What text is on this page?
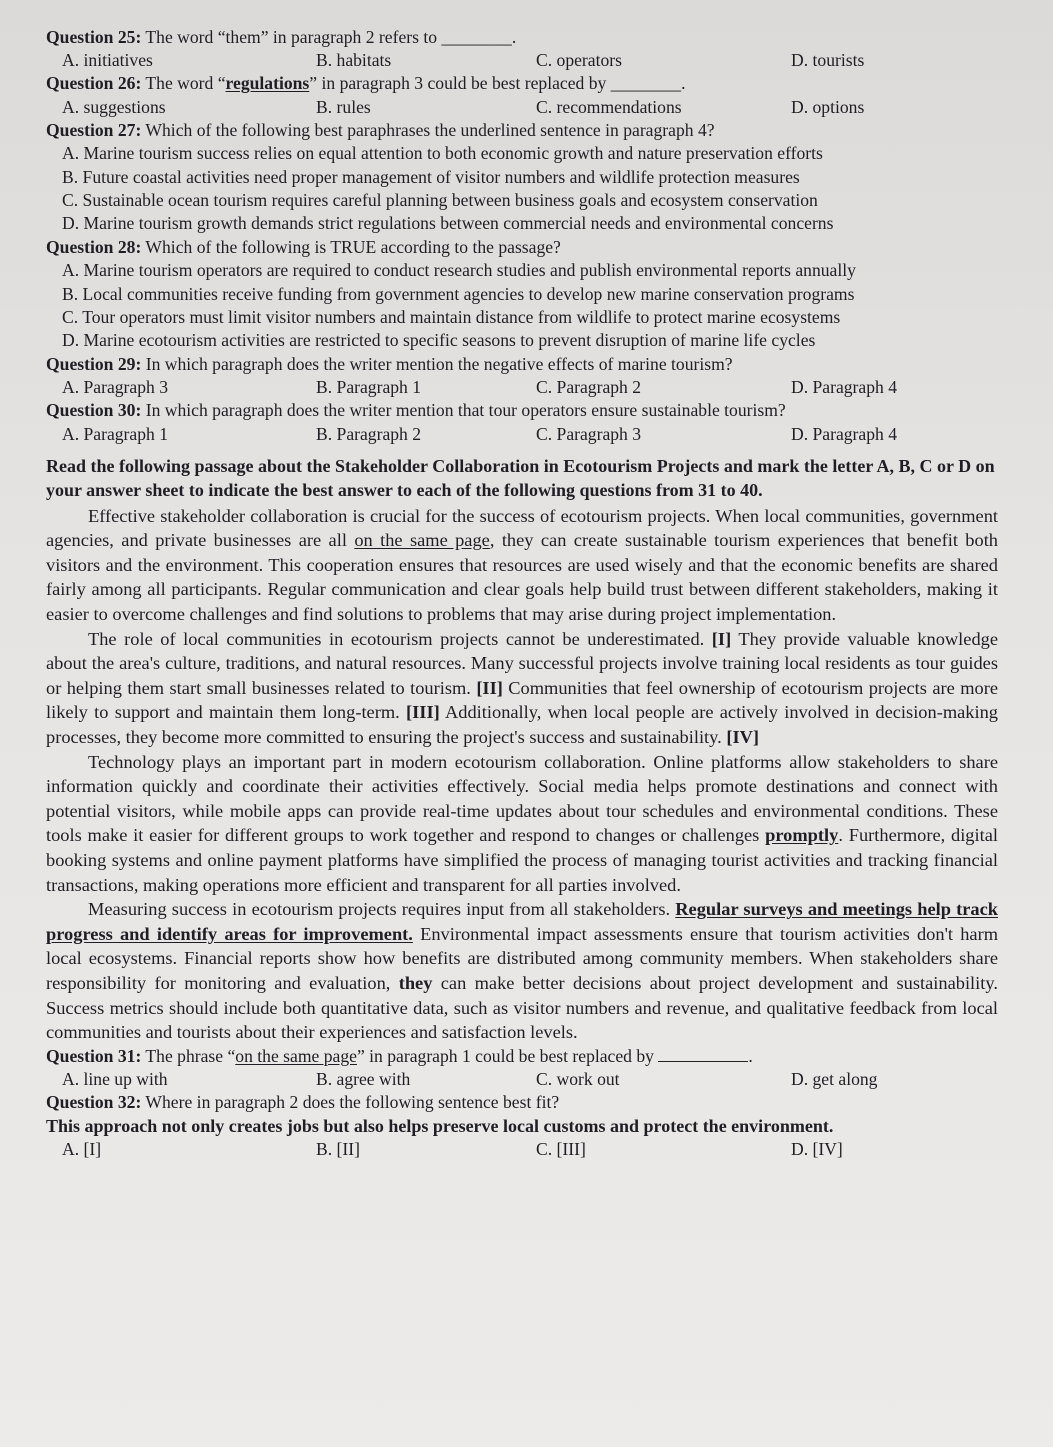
Question 25: The word “them” in paragraph 2 refers to ________.

A. initiatives	B. habitats	C. operators	D. tourists

Question 26: The word “regulations” in paragraph 3 could be best replaced by ________.

A. suggestions	B. rules	C. recommendations	D. options

Question 27: Which of the following best paraphrases the underlined sentence in paragraph 4?

A. Marine tourism success relies on equal attention to both economic growth and nature preservation efforts

B. Future coastal activities need proper management of visitor numbers and wildlife protection measures

C. Sustainable ocean tourism requires careful planning between business goals and ecosystem conservation

D. Marine tourism growth demands strict regulations between commercial needs and environmental concerns

Question 28: Which of the following is TRUE according to the passage?

A. Marine tourism operators are required to conduct research studies and publish environmental reports annually

B. Local communities receive funding from government agencies to develop new marine conservation programs

C. Tour operators must limit visitor numbers and maintain distance from wildlife to protect marine ecosystems

D. Marine ecotourism activities are restricted to specific seasons to prevent disruption of marine life cycles

Question 29: In which paragraph does the writer mention the negative effects of marine tourism?

A. Paragraph 3	B. Paragraph 1	C. Paragraph 2	D. Paragraph 4

Question 30: In which paragraph does the writer mention that tour operators ensure sustainable tourism?

A. Paragraph 1	B. Paragraph 2	C. Paragraph 3	D. Paragraph 4

Read the following passage about the Stakeholder Collaboration in Ecotourism Projects and mark the letter A, B, C or D on your answer sheet to indicate the best answer to each of the following questions from 31 to 40.

Effective stakeholder collaboration is crucial for the success of ecotourism projects. When local communities, government agencies, and private businesses are all on the same page, they can create sustainable tourism experiences that benefit both visitors and the environment. This cooperation ensures that resources are used wisely and that the economic benefits are shared fairly among all participants. Regular communication and clear goals help build trust between different stakeholders, making it easier to overcome challenges and find solutions to problems that may arise during project implementation.

The role of local communities in ecotourism projects cannot be underestimated. [I] They provide valuable knowledge about the area's culture, traditions, and natural resources. Many successful projects involve training local residents as tour guides or helping them start small businesses related to tourism. [II] Communities that feel ownership of ecotourism projects are more likely to support and maintain them long-term. [III] Additionally, when local people are actively involved in decision-making processes, they become more committed to ensuring the project's success and sustainability. [IV]

Technology plays an important part in modern ecotourism collaboration. Online platforms allow stakeholders to share information quickly and coordinate their activities effectively. Social media helps promote destinations and connect with potential visitors, while mobile apps can provide real-time updates about tour schedules and environmental conditions. These tools make it easier for different groups to work together and respond to changes or challenges promptly. Furthermore, digital booking systems and online payment platforms have simplified the process of managing tourist activities and tracking financial transactions, making operations more efficient and transparent for all parties involved.

Measuring success in ecotourism projects requires input from all stakeholders. Regular surveys and meetings help track progress and identify areas for improvement. Environmental impact assessments ensure that tourism activities don't harm local ecosystems. Financial reports show how benefits are distributed among community members. When stakeholders share responsibility for monitoring and evaluation, they can make better decisions about project development and sustainability. Success metrics should include both quantitative data, such as visitor numbers and revenue, and qualitative feedback from local communities and tourists about their experiences and satisfaction levels.

Question 31: The phrase “on the same page” in paragraph 1 could be best replaced by	.

A. line up with	B. agree with	C. work out	D. get along

Question 32: Where in paragraph 2 does the following sentence best fit?

This approach not only creates jobs but also helps preserve local customs and protect the environment.

A. [I]	B. [II]	C. [III]	D. [IV]
